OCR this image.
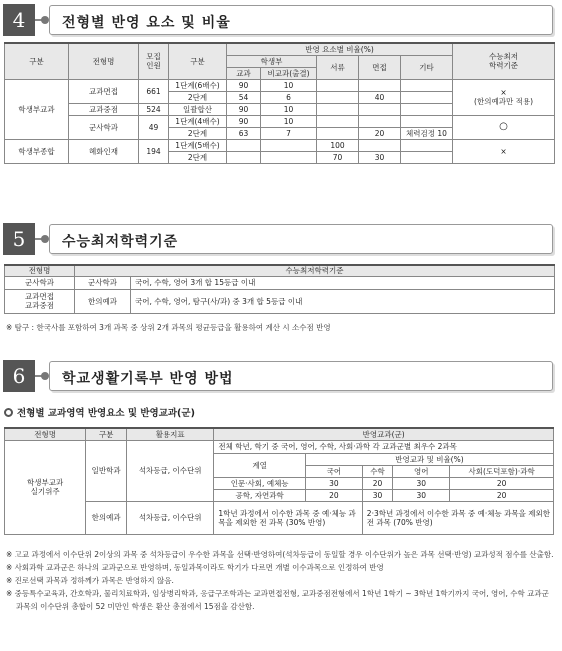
4	전형별 반영 요소 및 비율
구분	전형명	모집
인원	구분	반영 요소별 비율(%)					수능최저
학력기준
				학생부		서류	면접	기타	
				교과	비교과(출결)				
학생부교과	교과면접	661	1단계(6배수)	90	10				×
(한의예과만 적용)

			2단계	54	6		40		
	교과중점	524	일괄합산	90	10				
	군사학과	49	1단계(4배수)	90	10				○
			2단계	63	7		20	체력검정 10	
학생부종합	혜화인재	194	1단계(5배수)			100			×
			2단계			70	30		
5	수능최저학력기준
전형명	수능최저학력기준	
군사학과	군사학과	국어, 수학, 영어 3개 합 15등급 이내
교과면접
교과중점	한의예과	국어, 수학, 영어, 탐구(사/과) 중 3개 합 5등급 이내
※ 탐구 : 한국사를 포함하여 3개 과목 중 상위 2개 과목의 평균등급을 활용하여 계산 시 소수점 반영
6	학교생활기록부 반영 방법
전형별 교과영역 반영요소 및 반영교과(군)
전형명	구분	활용지표	반영교과(군)				
학생부교과
실기위주	일반학과	석차등급, 이수단위	전체 학년, 학기 중 국어, 영어, 수학, 사회·과학 각 교과군별 최우수 2과목				
			계열	반영교과 및 비율(%)			
				국어	수학	영어	사회(도덕포함)·과학
			인문·사회, 예체능	30	20	30	20
			공학, 자연과학	20	30	30	20
	한의예과	석차등급, 이수단위	1학년 과정에서 이수한 과목 중 예·체능 과목을 제외한 전 과목 (30% 반영)		2·3학년 과정에서 이수한 과목 중 예·체능 과목을 제외한 전 과목 (70% 반영)		
※ 고교 과정에서 이수단위 2이상의 과목 중 석차등급이 우수한 과목을 선택·반영하여(석차등급이 동일할 경우 이수단위가 높은 과목 선택·반영) 교과성적 점수를 산출함.
※ 사회과학 교과군은 하나의 교과군으로 반영하며, 동일과목이라도 학기가 다르면 개별 이수과목으로 인정하여 반영
※ 진로선택 과목과 정하께가 과목은 반영하지 않음.
※ 중등특수교육과, 간호학과, 물리치료학과, 임상병리학과, 응급구조학과는 교과면접전형, 교과중점전형에서 1학년 1학기 ~ 3학년 1학기까지 국어, 영어, 수학 교과군 과목의 이수단위 총합이 52 미만인 학생은 환산 총점에서 15점을 감산함.
